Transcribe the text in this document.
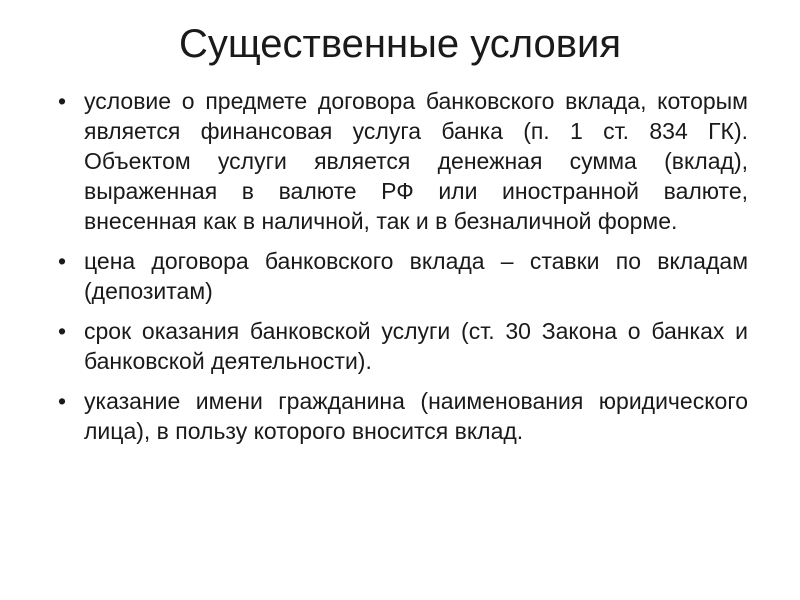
Существенные условия
• условие о предмете договора банковского вклада, которым является финансовая услуга банка (п. 1 ст. 834 ГК). Объектом услуги является денежная сумма (вклад), выраженная в валюте РФ или иностранной валюте, внесенная как в наличной, так и в безналичной форме.
• цена договора банковского вклада – ставки по вкладам (депозитам)
• срок оказания банковской услуги (ст. 30 Закона о банках и банковской деятельности).
• указание имени гражданина (наименования юридического лица), в пользу которого вносится вклад.
